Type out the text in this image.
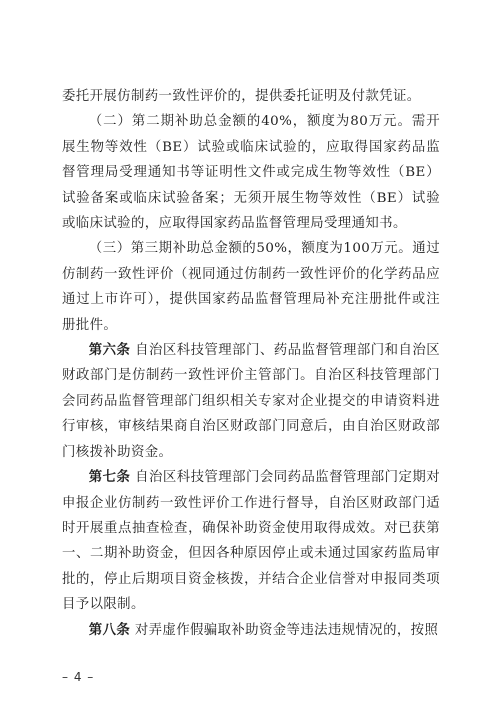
委托开展仿制药一致性评价的，提供委托证明及付款凭证。

（二）第二期补助总金额的40%，额度为80万元。需开展生物等效性（BE）试验或临床试验的，应取得国家药品监督管理局受理通知书等证明性文件或完成生物等效性（BE）试验备案或临床试验备案；无须开展生物等效性（BE）试验或临床试验的，应取得国家药品监督管理局受理通知书。

（三）第三期补助总金额的50%，额度为100万元。通过仿制药一致性评价（视同通过仿制药一致性评价的化学药品应通过上市许可），提供国家药品监督管理局补充注册批件或注册批件。

第六条 自治区科技管理部门、药品监督管理部门和自治区财政部门是仿制药一致性评价主管部门。自治区科技管理部门会同药品监督管理部门组织相关专家对企业提交的申请资料进行审核，审核结果商自治区财政部门同意后，由自治区财政部门核拨补助资金。

第七条 自治区科技管理部门会同药品监督管理部门定期对申报企业仿制药一致性评价工作进行督导，自治区财政部门适时开展重点抽查检查，确保补助资金使用取得成效。对已获第一、二期补助资金，但因各种原因停止或未通过国家药监局审批的，停止后期项目资金核拨，并结合企业信誉对申报同类项目予以限制。

第八条 对弄虚作假骗取补助资金等违法违规情况的，按照

– 4 –
